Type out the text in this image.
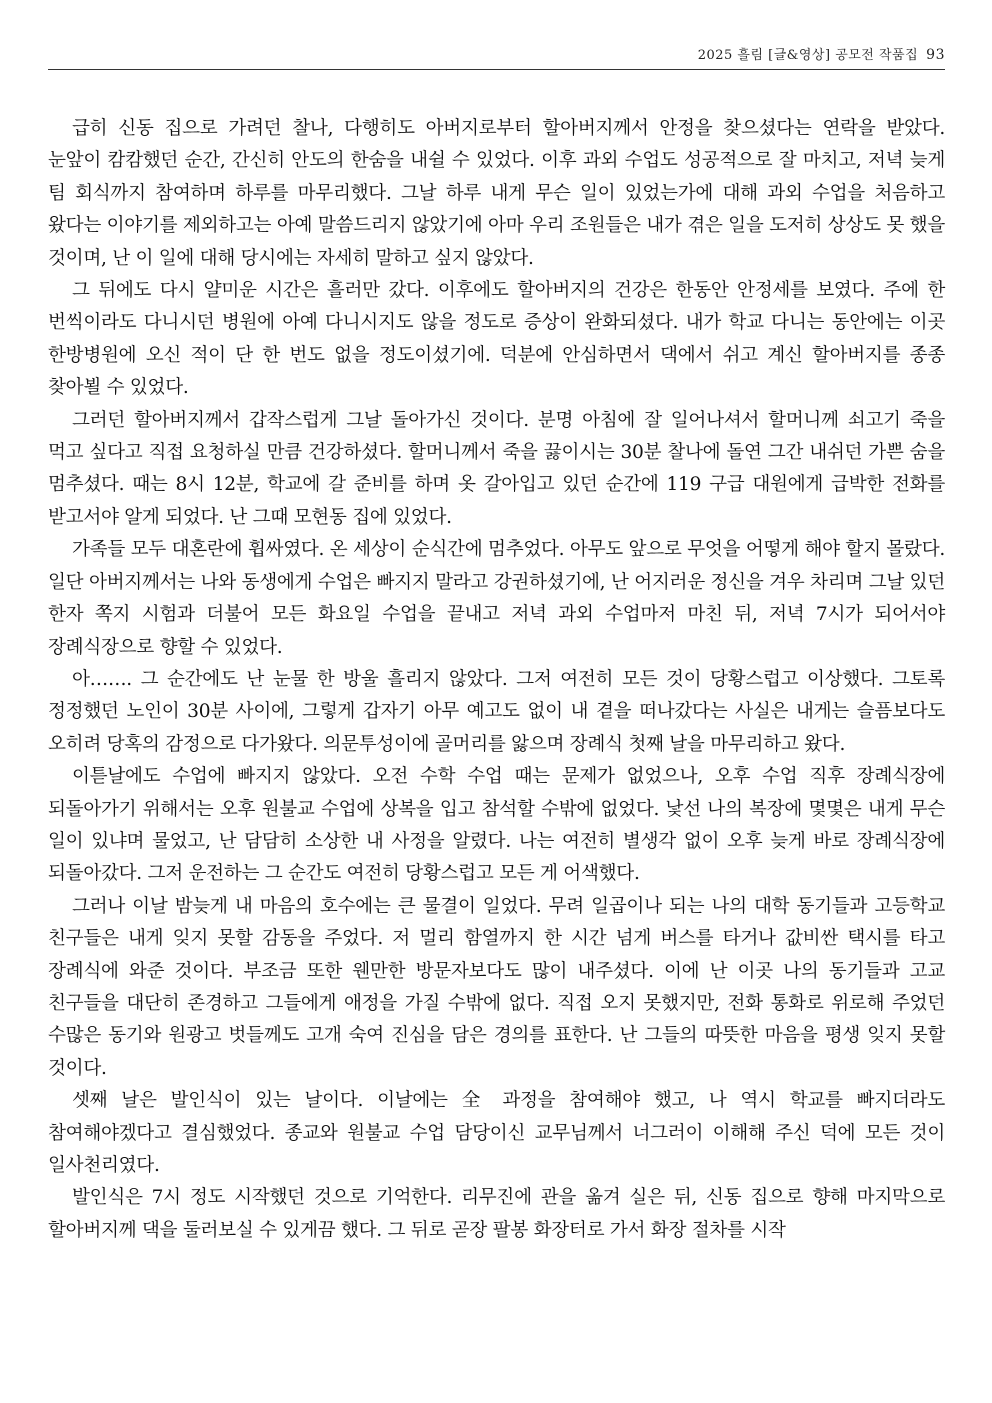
2025 흘림 [글&영상] 공모전 작품집 93

급히 신동 집으로 가려던 찰나, 다행히도 아버지로부터 할아버지께서 안정을 찾으셨다는 연락을 받았다. 눈앞이 캄캄했던 순간, 간신히 안도의 한숨을 내쉴 수 있었다. 이후 과외 수업도 성공적으로 잘 마치고, 저녁 늦게 팀 회식까지 참여하며 하루를 마무리했다. 그날 하루 내게 무슨 일이 있었는가에 대해 과외 수업을 처음하고 왔다는 이야기를 제외하고는 아예 말씀드리지 않았기에 아마 우리 조원들은 내가 겪은 일을 도저히 상상도 못 했을 것이며, 난 이 일에 대해 당시에는 자세히 말하고 싶지 않았다.

그 뒤에도 다시 얄미운 시간은 흘러만 갔다. 이후에도 할아버지의 건강은 한동안 안정세를 보였다. 주에 한 번씩이라도 다니시던 병원에 아예 다니시지도 않을 정도로 증상이 완화되셨다. 내가 학교 다니는 동안에는 이곳 한방병원에 오신 적이 단 한 번도 없을 정도이셨기에. 덕분에 안심하면서 댁에서 쉬고 계신 할아버지를 종종 찾아뵐 수 있었다.

그러던 할아버지께서 갑작스럽게 그날 돌아가신 것이다. 분명 아침에 잘 일어나셔서 할머니께 쇠고기 죽을 먹고 싶다고 직접 요청하실 만큼 건강하셨다. 할머니께서 죽을 끓이시는 30분 찰나에 돌연 그간 내쉬던 가쁜 숨을 멈추셨다. 때는 8시 12분, 학교에 갈 준비를 하며 옷 갈아입고 있던 순간에 119 구급 대원에게 급박한 전화를 받고서야 알게 되었다. 난 그때 모현동 집에 있었다.

가족들 모두 대혼란에 휩싸였다. 온 세상이 순식간에 멈추었다. 아무도 앞으로 무엇을 어떻게 해야 할지 몰랐다. 일단 아버지께서는 나와 동생에게 수업은 빠지지 말라고 강권하셨기에, 난 어지러운 정신을 겨우 차리며 그날 있던 한자 쪽지 시험과 더불어 모든 화요일 수업을 끝내고 저녁 과외 수업마저 마친 뒤, 저녁 7시가 되어서야 장례식장으로 향할 수 있었다.

아……. 그 순간에도 난 눈물 한 방울 흘리지 않았다. 그저 여전히 모든 것이 당황스럽고 이상했다. 그토록 정정했던 노인이 30분 사이에, 그렇게 갑자기 아무 예고도 없이 내 곁을 떠나갔다는 사실은 내게는 슬픔보다도 오히려 당혹의 감정으로 다가왔다. 의문투성이에 골머리를 앓으며 장례식 첫째 날을 마무리하고 왔다.

이튿날에도 수업에 빠지지 않았다. 오전 수학 수업 때는 문제가 없었으나, 오후 수업 직후 장례식장에 되돌아가기 위해서는 오후 원불교 수업에 상복을 입고 참석할 수밖에 없었다. 낯선 나의 복장에 몇몇은 내게 무슨 일이 있냐며 물었고, 난 담담히 소상한 내 사정을 알렸다. 나는 여전히 별생각 없이 오후 늦게 바로 장례식장에 되돌아갔다. 그저 운전하는 그 순간도 여전히 당황스럽고 모든 게 어색했다.

그러나 이날 밤늦게 내 마음의 호수에는 큰 물결이 일었다. 무려 일곱이나 되는 나의 대학 동기들과 고등학교 친구들은 내게 잊지 못할 감동을 주었다. 저 멀리 함열까지 한 시간 넘게 버스를 타거나 값비싼 택시를 타고 장례식에 와준 것이다. 부조금 또한 웬만한 방문자보다도 많이 내주셨다. 이에 난 이곳 나의 동기들과 고교 친구들을 대단히 존경하고 그들에게 애정을 가질 수밖에 없다. 직접 오지 못했지만, 전화 통화로 위로해 주었던 수많은 동기와 원광고 벗들께도 고개 숙여 진심을 담은 경의를 표한다. 난 그들의 따뜻한 마음을 평생 잊지 못할 것이다.

셋째 날은 발인식이 있는 날이다. 이날에는 全 과정을 참여해야 했고, 나 역시 학교를 빠지더라도 참여해야겠다고 결심했었다. 종교와 원불교 수업 담당이신 교무님께서 너그러이 이해해 주신 덕에 모든 것이 일사천리였다.

발인식은 7시 정도 시작했던 것으로 기억한다. 리무진에 관을 옮겨 실은 뒤, 신동 집으로 향해 마지막으로 할아버지께 댁을 둘러보실 수 있게끔 했다. 그 뒤로 곧장 팔봉 화장터로 가서 화장 절차를 시작
